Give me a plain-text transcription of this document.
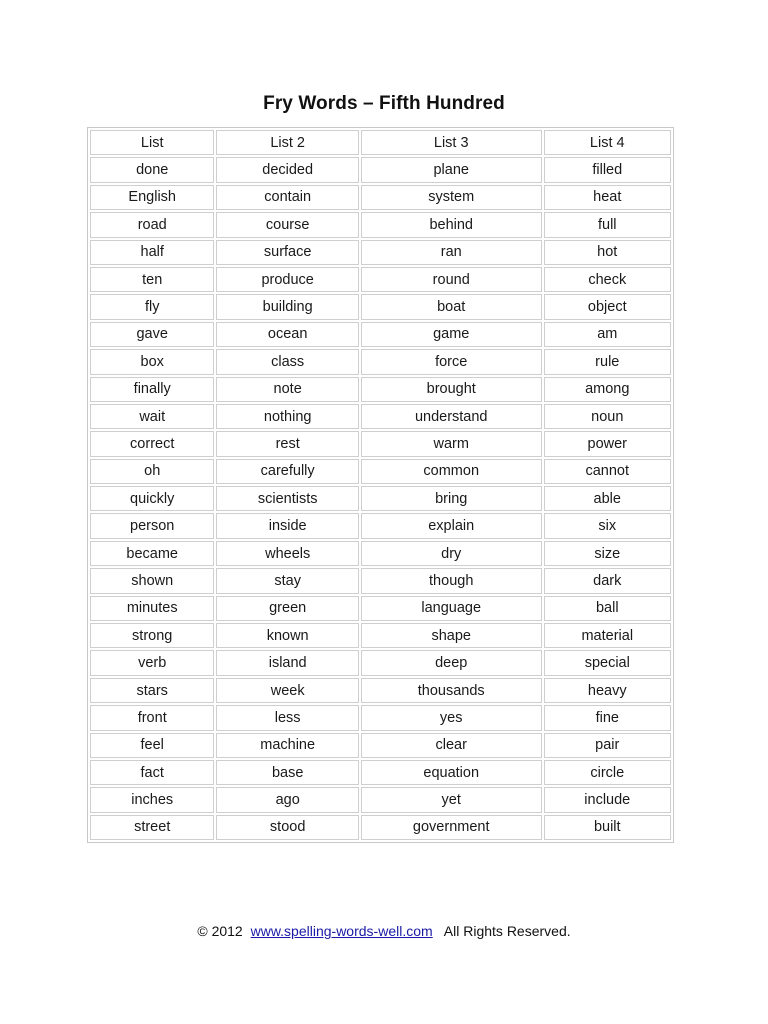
Fry Words – Fifth Hundred
List	List 2	List 3	List 4
done	decided	plane	filled
English	contain	system	heat
road	course	behind	full
half	surface	ran	hot
ten	produce	round	check
fly	building	boat	object
gave	ocean	game	am
box	class	force	rule
finally	note	brought	among
wait	nothing	understand	noun
correct	rest	warm	power
oh	carefully	common	cannot
quickly	scientists	bring	able
person	inside	explain	six
became	wheels	dry	size
shown	stay	though	dark
minutes	green	language	ball
strong	known	shape	material
verb	island	deep	special
stars	week	thousands	heavy
front	less	yes	fine
feel	machine	clear	pair
fact	base	equation	circle
inches	ago	yet	include
street	stood	government	built
© 2012 www.spelling-words-well.com All Rights Reserved.
